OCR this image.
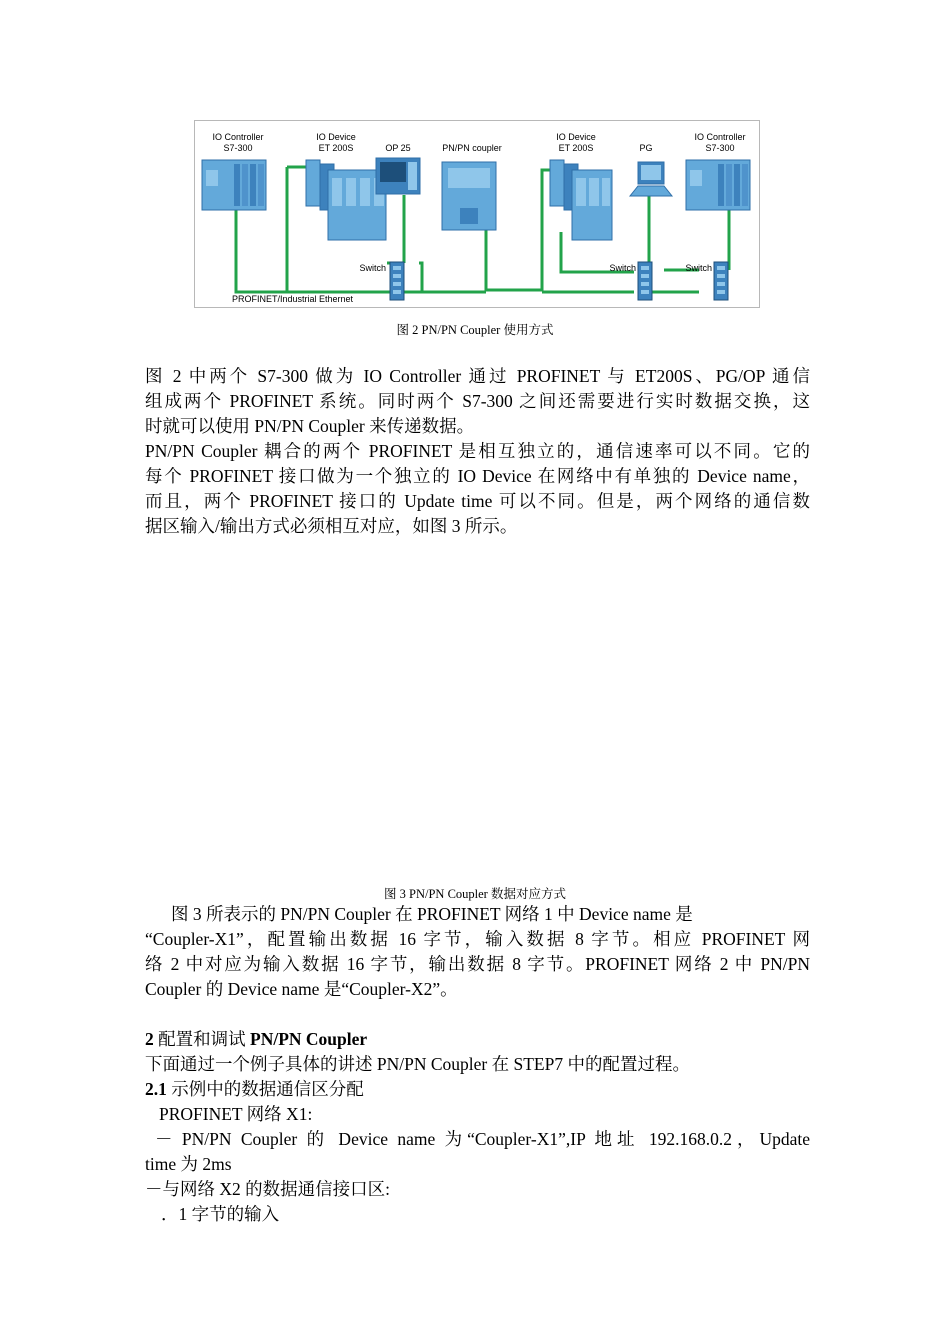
IO Controller S7-300
IO Device ET 200S	OP 25	PN/PN coupler
IO Device ET 200S	PG
IO Controller S7-300
Switch	Switch	Switch
PROFINET/Industrial Ethernet
图 2 PN/PN Coupler 使用方式
图 2 中两个 S7-300 做为 IO Controller 通过 PROFINET 与 ET200S、PG/OP 通信
组成两个 PROFINET 系统。同时两个 S7-300 之间还需要进行实时数据交换，这
时就可以使用 PN/PN Coupler 来传递数据。
PN/PN Coupler 耦合的两个 PROFINET 是相互独立的，通信速率可以不同。它的
每个 PROFINET 接口做为一个独立的 IO Device 在网络中有单独的 Device name，
而且，两个 PROFINET 接口的 Update time 可以不同。但是，两个网络的通信数
据区输入/输出方式必须相互对应，如图 3 所示。
图 3 PN/PN Coupler 数据对应方式
图 3 所表示的 PN/PN Coupler 在 PROFINET 网络 1 中 Device name 是
“Coupler-X1”，配置输出数据 16 字节，输入数据 8 字节。相应 PROFINET 网
络 2 中对应为输入数据 16 字节，输出数据 8 字节。PROFINET 网络 2 中 PN/PN
Coupler 的 Device name 是“Coupler-X2”。
2 配置和调试 PN/PN Coupler
下面通过一个例子具体的讲述 PN/PN Coupler 在 STEP7 中的配置过程。
2.1 示例中的数据通信区分配
PROFINET 网络 X1:
－ PN/PN Coupler 的 Device name 为“Coupler-X1”,IP 地址 192.168.0.2，Update
time 为 2ms
－与网络 X2 的数据通信接口区:
．1 字节的输入
